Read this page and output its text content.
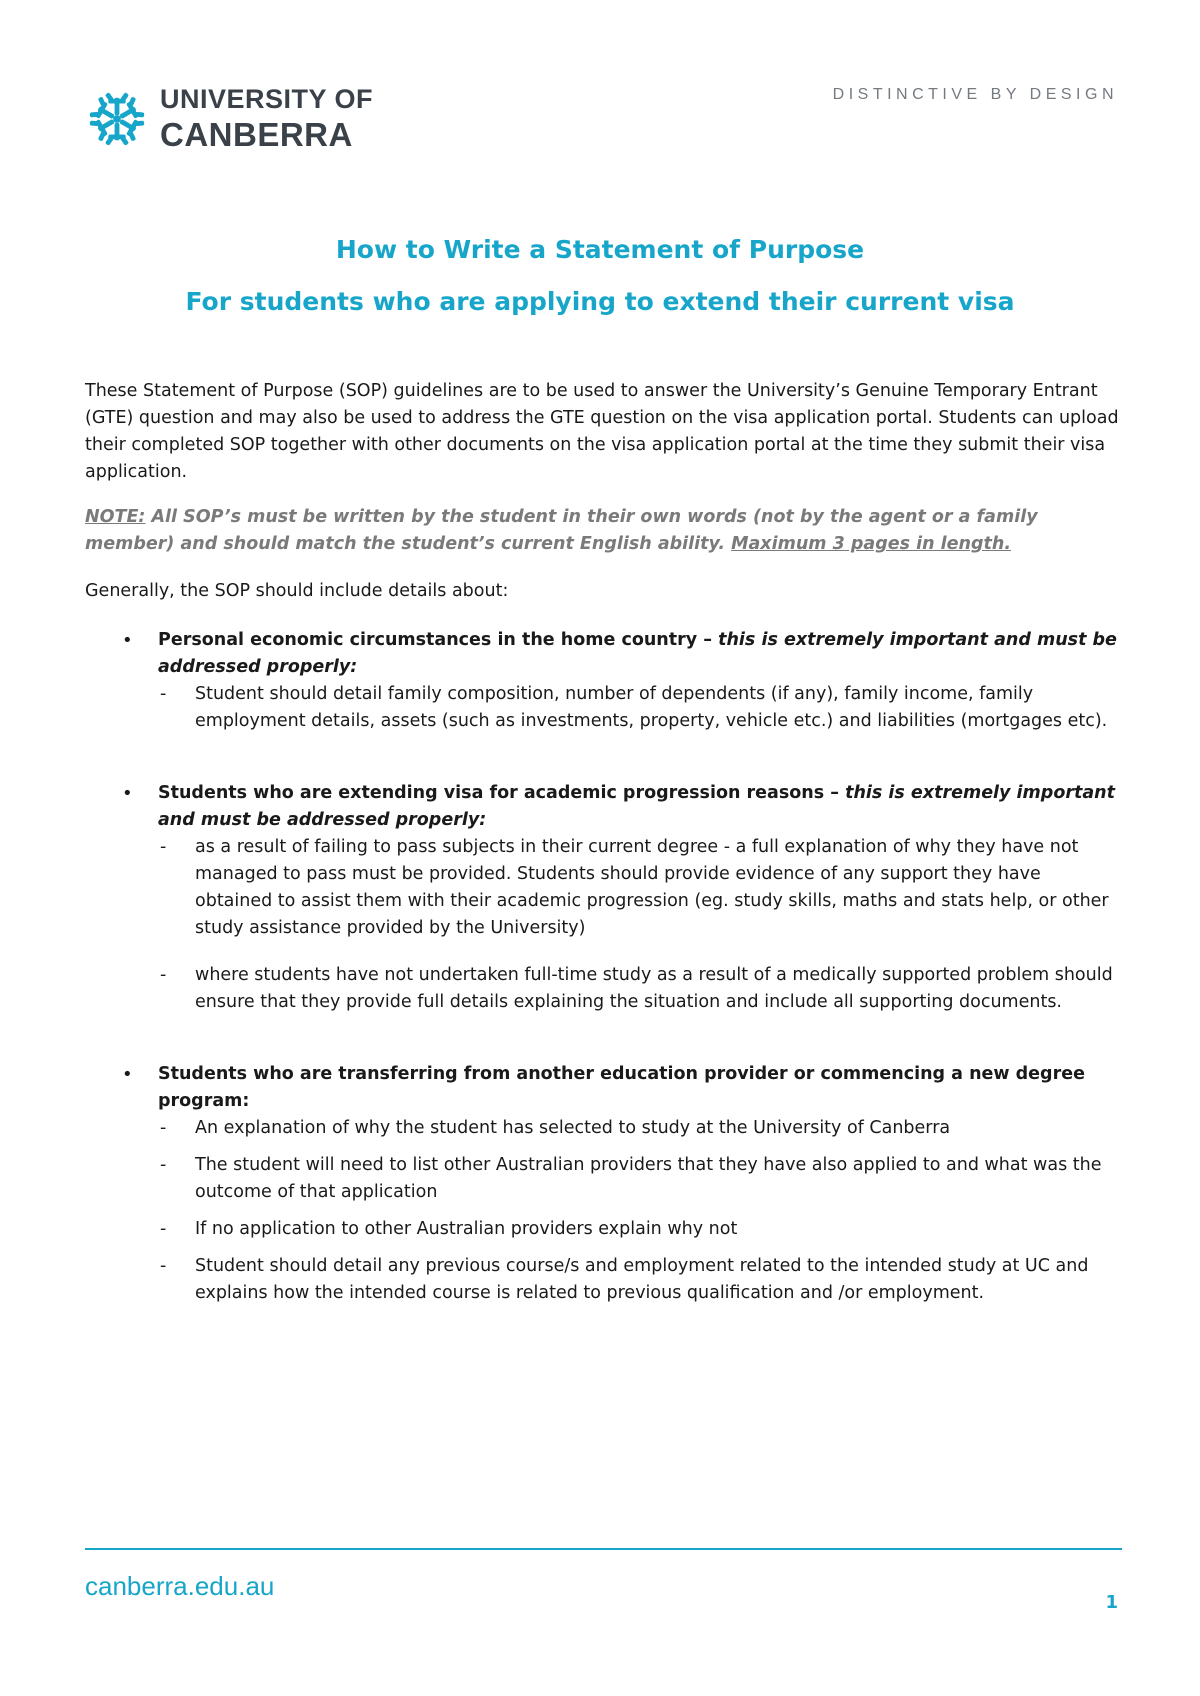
UNIVERSITY OF
CANBERRA
DISTINCTIVE BY DESIGN
How to Write a Statement of Purpose
For students who are applying to extend their current visa

These Statement of Purpose (SOP) guidelines are to be used to answer the University’s Genuine Temporary Entrant (GTE) question and may also be used to address the GTE question on the visa application portal. Students can upload their completed SOP together with other documents on the visa application portal at the time they submit their visa application.

NOTE: All SOP’s must be written by the student in their own words (not by the agent or a family member) and should match the student’s current English ability. Maximum 3 pages in length.

Generally, the SOP should include details about:

• Personal economic circumstances in the home country – this is extremely important and must be addressed properly:

- Student should detail family composition, number of dependents (if any), family income, family employment details, assets (such as investments, property, vehicle etc.) and liabilities (mortgages etc).

• Students who are extending visa for academic progression reasons – this is extremely important and must be addressed properly:

- as a result of failing to pass subjects in their current degree - a full explanation of why they have not managed to pass must be provided. Students should provide evidence of any support they have obtained to assist them with their academic progression (eg. study skills, maths and stats help, or other study assistance provided by the University)
- where students have not undertaken full-time study as a result of a medically supported problem should ensure that they provide full details explaining the situation and include all supporting documents.

• Students who are transferring from another education provider or commencing a new degree program:

- An explanation of why the student has selected to study at the University of Canberra
- The student will need to list other Australian providers that they have also applied to and what was the outcome of that application
- If no application to other Australian providers explain why not
- Student should detail any previous course/s and employment related to the intended study at UC and explains how the intended course is related to previous qualification and /or employment.
canberra.edu.au
1
